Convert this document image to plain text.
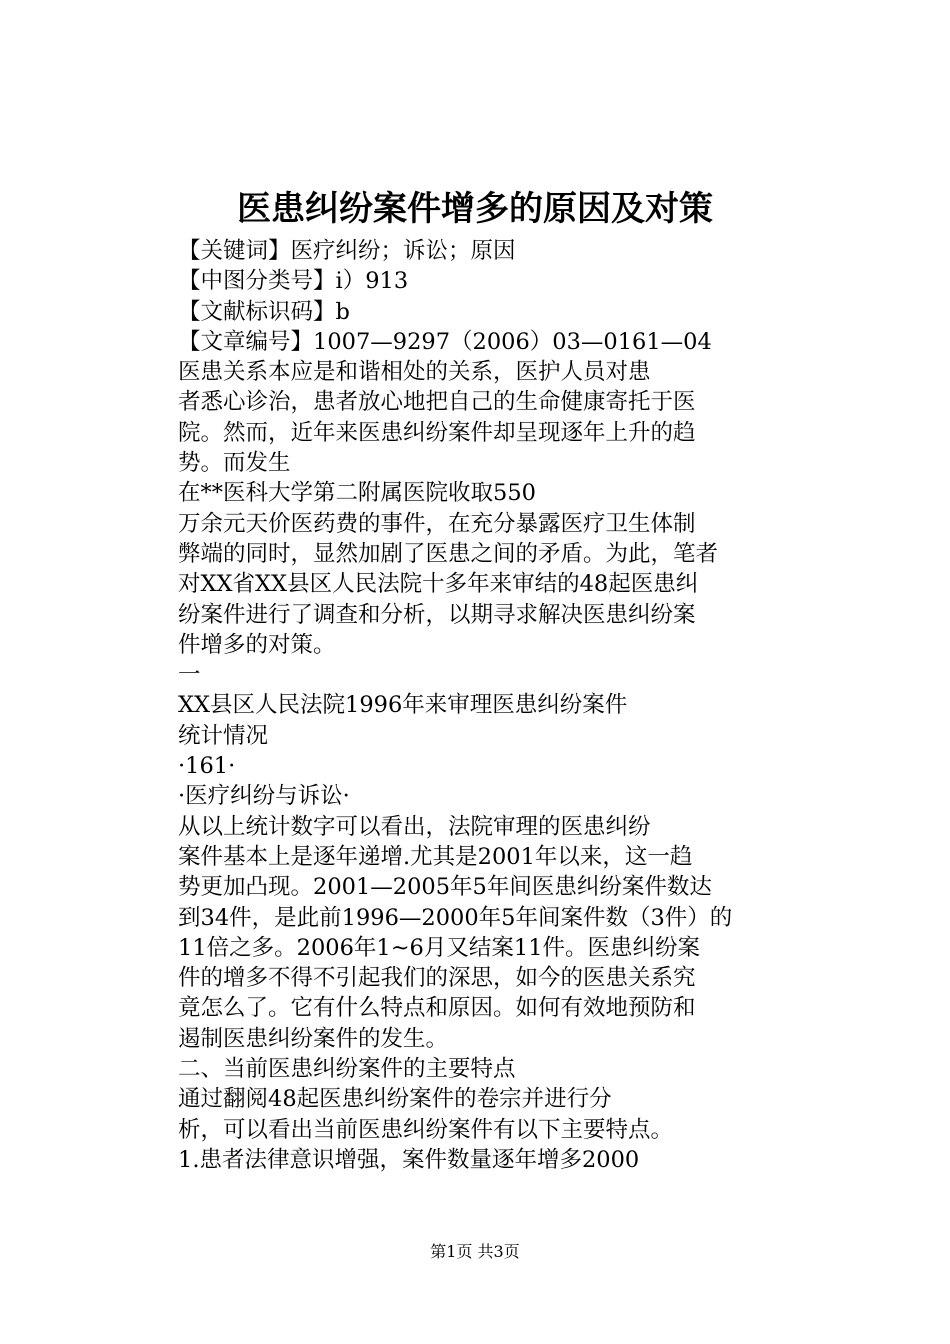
医患纠纷案件增多的原因及对策
【关键词】医疗纠纷；诉讼；原因
【中图分类号】i）913
【文献标识码】b
【文章编号】1007—9297（2006）03—0161—04
医患关系本应是和谐相处的关系，医护人员对患
者悉心诊治，患者放心地把自己的生命健康寄托于医
院。然而，近年来医患纠纷案件却呈现逐年上升的趋
势。而发生
在**医科大学第二附属医院收取550
万余元天价医药费的事件，在充分暴露医疗卫生体制
弊端的同时，显然加剧了医患之间的矛盾。为此，笔者
对XX省XX县区人民法院十多年来审结的48起医患纠
纷案件进行了调查和分析，以期寻求解决医患纠纷案
件增多的对策。
一
XX县区人民法院1996年来审理医患纠纷案件
统计情况
·161·
·医疗纠纷与诉讼·
从以上统计数字可以看出，法院审理的医患纠纷
案件基本上是逐年递增.尤其是2001年以来，这一趋
势更加凸现。2001—2005年5年间医患纠纷案件数达
到34件，是此前1996—2000年5年间案件数（3件）的
11倍之多。2006年1~6月又结案11件。医患纠纷案
件的增多不得不引起我们的深思，如今的医患关系究
竟怎么了。它有什么特点和原因。如何有效地预防和
遏制医患纠纷案件的发生。
二、当前医患纠纷案件的主要特点
通过翻阅48起医患纠纷案件的卷宗并进行分
析，可以看出当前医患纠纷案件有以下主要特点。
1.患者法律意识增强，案件数量逐年增多2000
第1页 共3页
